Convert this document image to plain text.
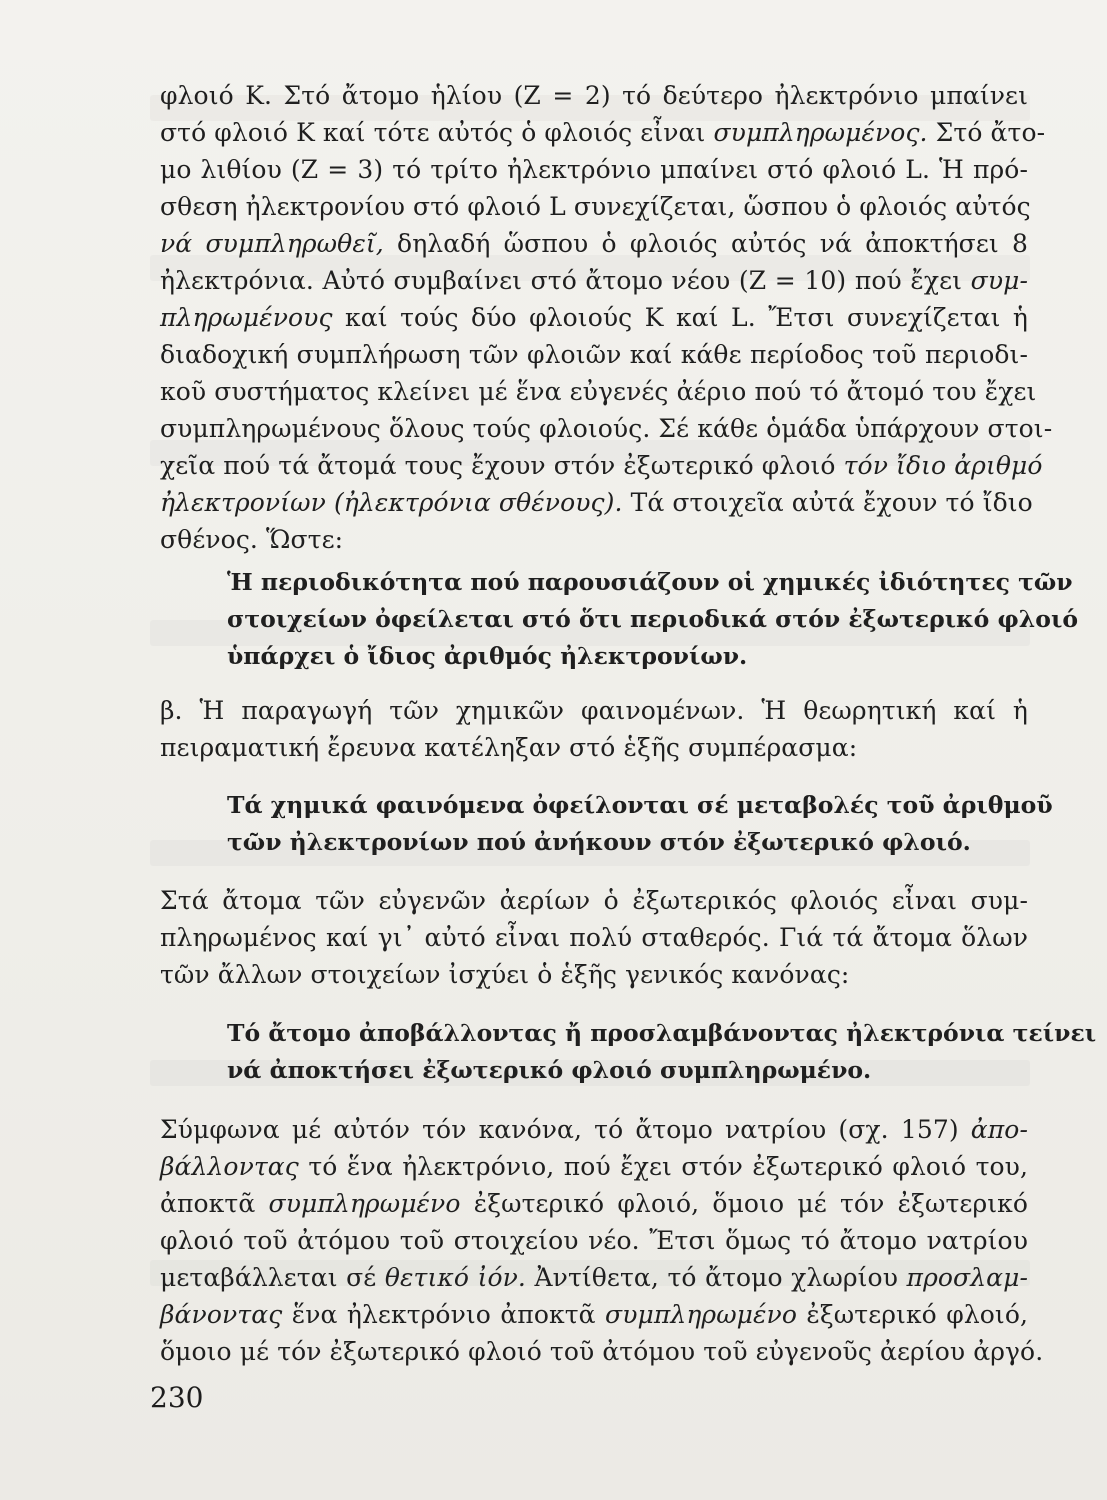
φλοιό K. Στό ἄτομο ἡλίου (Z = 2) τό δεύτερο ἠλεκτρόνιο μπαίνει
στό φλοιό K καί τότε αὐτός ὁ φλοιός εἶναι συμπληρωμένος. Στό ἄτο-
μο λιθίου (Z = 3) τό τρίτο ἠλεκτρόνιο μπαίνει στό φλοιό L. Ἡ πρό-
σθεση ἠλεκτρονίου στό φλοιό L συνεχίζεται, ὥσπου ὁ φλοιός αὐτός
νά συμπληρωθεῖ, δηλαδή ὥσπου ὁ φλοιός αὐτός νά ἀποκτήσει 8
ἠλεκτρόνια. Αὐτό συμβαίνει στό ἄτομο νέου (Z = 10) πού ἔχει συμ-
πληρωμένους καί τούς δύο φλοιούς K καί L. Ἔτσι συνεχίζεται ἡ
διαδοχική συμπλήρωση τῶν φλοιῶν καί κάθε περίοδος τοῦ περιοδι-
κοῦ συστήματος κλείνει μέ ἕνα εὐγενές ἀέριο πού τό ἄτομό του ἔχει
συμπληρωμένους ὅλους τούς φλοιούς. Σέ κάθε ὁμάδα ὑπάρχουν στοι-
χεῖα πού τά ἄτομά τους ἔχουν στόν ἐξωτερικό φλοιό τόν ἴδιο ἀριθμό
ἠλεκτρονίων (ἠλεκτρόνια σθένους). Τά στοιχεῖα αὐτά ἔχουν τό ἴδιο
σθένος. Ὥστε:
Ἡ περιοδικότητα πού παρουσιάζουν οἱ χημικές ἰδιότητες τῶν
στοιχείων ὀφείλεται στό ὅτι περιοδικά στόν ἐξωτερικό φλοιό
ὑπάρχει ὁ ἴδιος ἀριθμός ἠλεκτρονίων.
β. Ἡ παραγωγή τῶν χημικῶν φαινομένων. Ἡ θεωρητική καί ἡ
πειραματική ἔρευνα κατέληξαν στό ἑξῆς συμπέρασμα:
Τά χημικά φαινόμενα ὀφείλονται σέ μεταβολές τοῦ ἀριθμοῦ
τῶν ἠλεκτρονίων πού ἀνήκουν στόν ἐξωτερικό φλοιό.
Στά ἄτομα τῶν εὐγενῶν ἀερίων ὁ ἐξωτερικός φλοιός εἶναι συμ-
πληρωμένος καί γι᾽ αὐτό εἶναι πολύ σταθερός. Γιά τά ἄτομα ὅλων
τῶν ἄλλων στοιχείων ἰσχύει ὁ ἑξῆς γενικός κανόνας:
Τό ἄτομο ἀποβάλλοντας ἤ προσλαμβάνοντας ἠλεκτρόνια τείνει
νά ἀποκτήσει ἐξωτερικό φλοιό συμπληρωμένο.
Σύμφωνα μέ αὐτόν τόν κανόνα, τό ἄτομο νατρίου (σχ. 157) ἀπο-
βάλλοντας τό ἕνα ἠλεκτρόνιο, πού ἔχει στόν ἐξωτερικό φλοιό του,
ἀποκτᾶ συμπληρωμένο ἐξωτερικό φλοιό, ὅμοιο μέ τόν ἐξωτερικό
φλοιό τοῦ ἀτόμου τοῦ στοιχείου νέο. Ἔτσι ὅμως τό ἄτομο νατρίου
μεταβάλλεται σέ θετικό ἰόν. Ἀντίθετα, τό ἄτομο χλωρίου προσλαμ-
βάνοντας ἕνα ἠλεκτρόνιο ἀποκτᾶ συμπληρωμένο ἐξωτερικό φλοιό,
ὅμοιο μέ τόν ἐξωτερικό φλοιό τοῦ ἀτόμου τοῦ εὐγενοῦς ἀερίου ἀργό.
230
